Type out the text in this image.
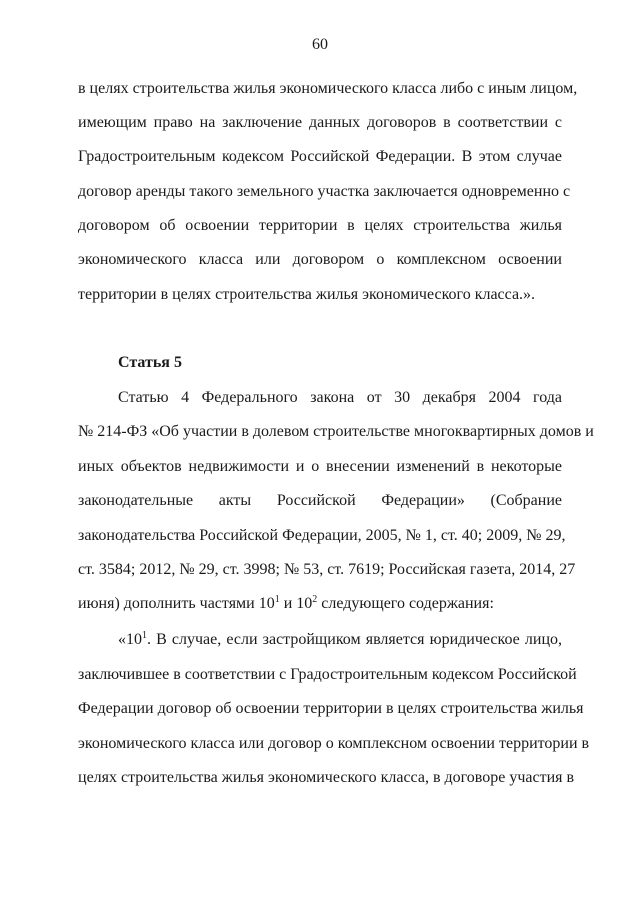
60
в целях строительства жилья экономического класса либо с иным лицом,
имеющим право на заключение данных договоров в соответствии с
Градостроительным кодексом Российской Федерации. В этом случае
договор аренды такого земельного участка заключается одновременно с
договором об освоении территории в целях строительства жилья
экономического класса или договором о комплексном освоении
территории в целях строительства жилья экономического класса.».
Статья 5
Статью 4 Федерального закона от 30 декабря 2004 года
№ 214-ФЗ «Об участии в долевом строительстве многоквартирных домов и
иных объектов недвижимости и о внесении изменений в некоторые
законодательные акты Российской Федерации» (Собрание
законодательства Российской Федерации, 2005, № 1, ст. 40; 2009, № 29,
ст. 3584; 2012, № 29, ст. 3998; № 53, ст. 7619; Российская газета, 2014, 27
июня) дополнить частями $10^1$ и $10^2$ следующего содержания:
«$10^1$. В случае, если застройщиком является юридическое лицо,
заключившее в соответствии с Градостроительным кодексом Российской
Федерации договор об освоении территории в целях строительства жилья
экономического класса или договор о комплексном освоении территории в
целях строительства жилья экономического класса, в договоре участия в
